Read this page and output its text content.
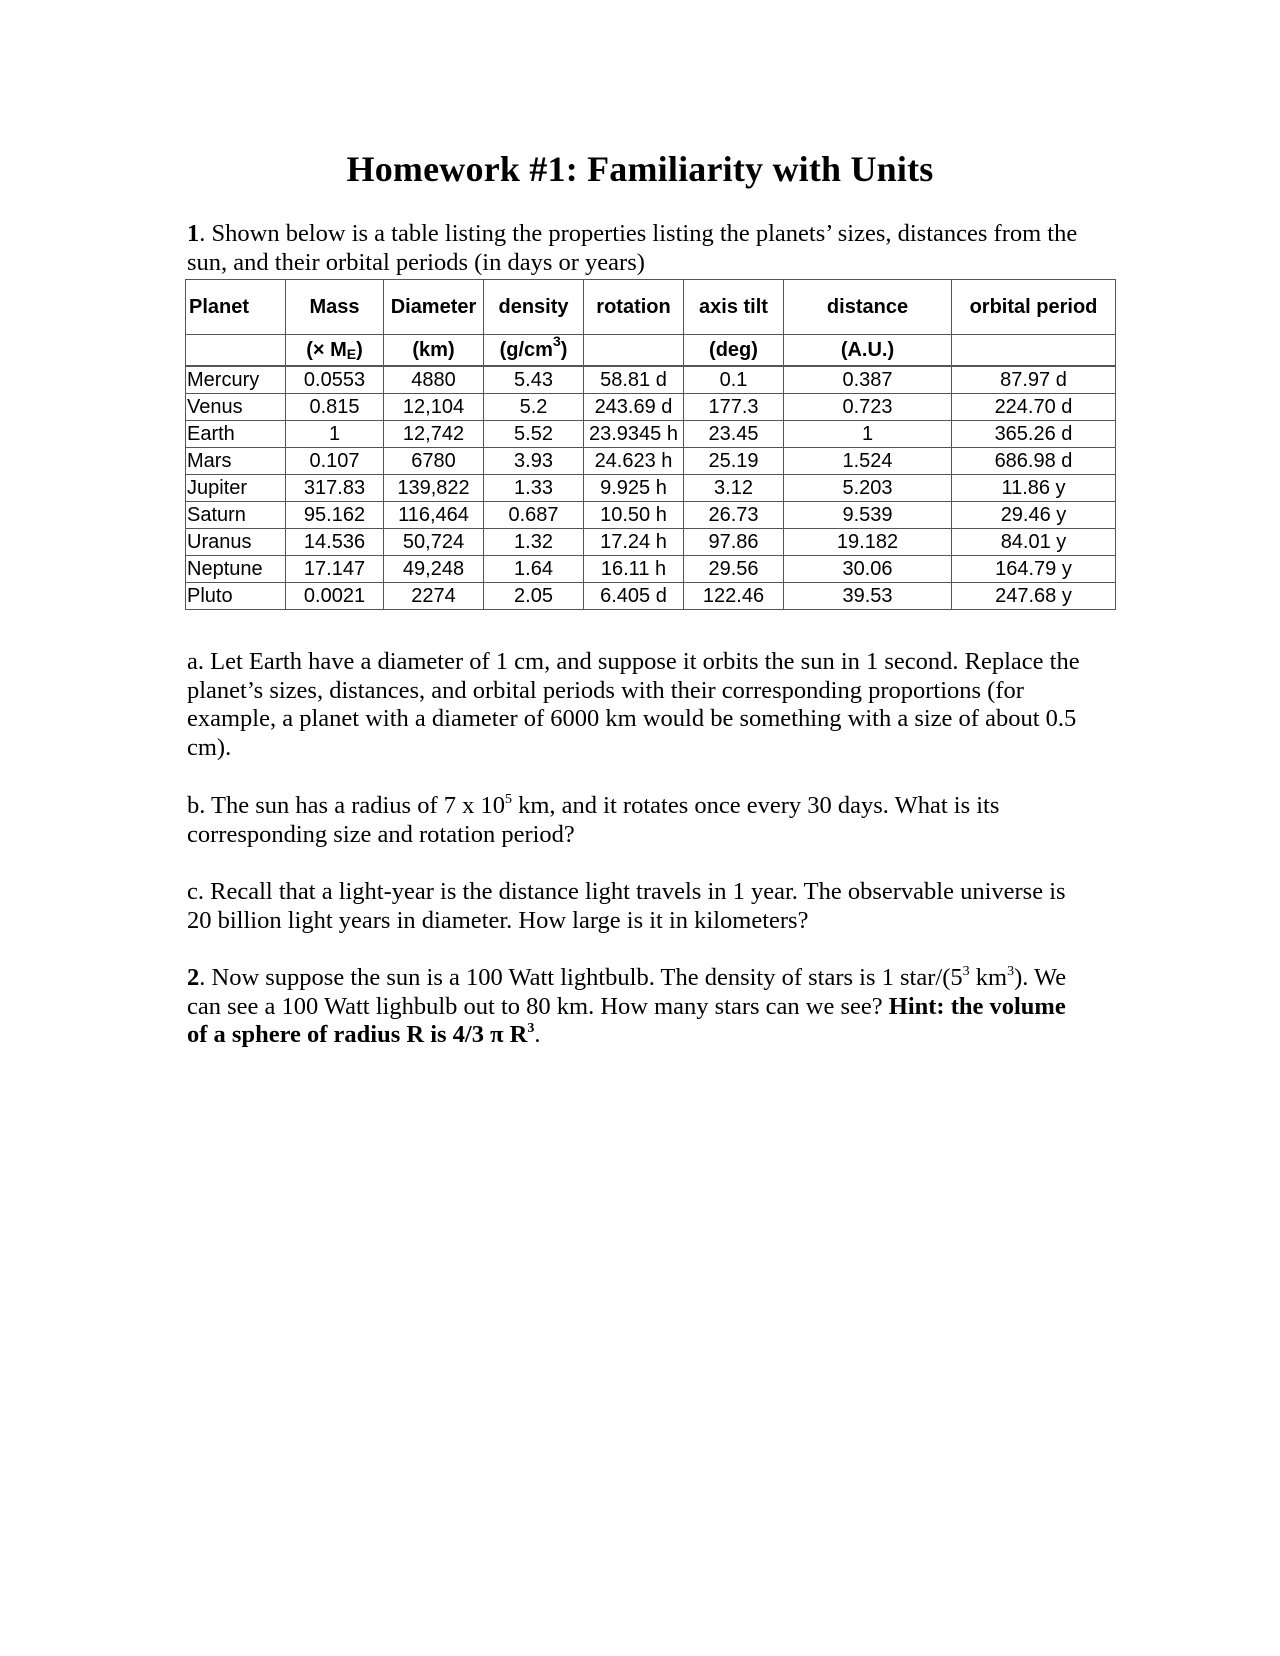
Homework #1: Familiarity with Units

1. Shown below is a table listing the properties listing the planets’ sizes, distances from the sun, and their orbital periods (in days or years)

Planet	Mass	Diameter	density	rotation	axis tilt	distance	orbital period
	(× $M_E$)	(km)	$(g/cm^3)$		(deg)	(A.U.)	
Mercury	0.0553	4880	5.43	58.81 d	0.1	0.387	87.97 d
Venus	0.815	12,104	5.2	243.69 d	177.3	0.723	224.70 d
Earth	1	12,742	5.52	23.9345 h	23.45	1	365.26 d
Mars	0.107	6780	3.93	24.623 h	25.19	1.524	686.98 d
Jupiter	317.83	139,822	1.33	9.925 h	3.12	5.203	11.86 y
Saturn	95.162	116,464	0.687	10.50 h	26.73	9.539	29.46 y
Uranus	14.536	50,724	1.32	17.24 h	97.86	19.182	84.01 y
Neptune	17.147	49,248	1.64	16.11 h	29.56	30.06	164.79 y
Pluto	0.0021	2274	2.05	6.405 d	122.46	39.53	247.68 y

a. Let Earth have a diameter of 1 cm, and suppose it orbits the sun in 1 second. Replace the planet’s sizes, distances, and orbital periods with their corresponding proportions (for example, a planet with a diameter of 6000 km would be something with a size of about 0.5 cm).

b. The sun has a radius of 7 x $10^5$ km, and it rotates once every 30 days. What is its corresponding size and rotation period?

c. Recall that a light-year is the distance light travels in 1 year. The observable universe is 20 billion light years in diameter. How large is it in kilometers?

2. Now suppose the sun is a 100 Watt lightbulb. The density of stars is 1 star/($5^3$ $km^3$). We can see a 100 Watt lighbulb out to 80 km. How many stars can we see? Hint: the volume of a sphere of radius R is 4/3 π $R^3$.
